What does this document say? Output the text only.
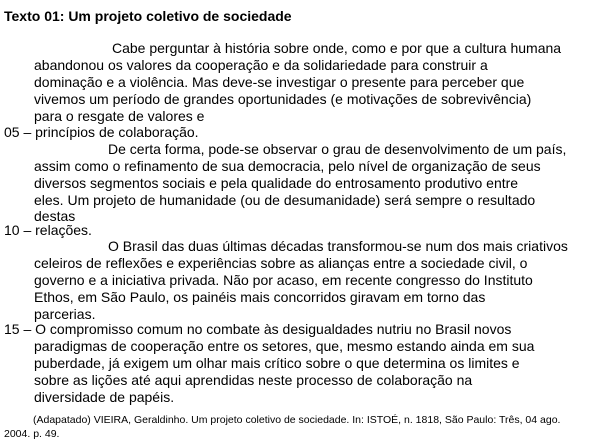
Texto 01: Um projeto coletivo de sociedade
Cabe perguntar à história sobre onde, como e por que a cultura humana
abandonou os valores da cooperação e da solidariedade para construir a
dominação e a violência. Mas deve-se investigar o presente para perceber que
vivemos um período de grandes oportunidades (e motivações de sobrevivência)
para o resgate de valores e
05 – princípios de colaboração.
De certa forma, pode-se observar o grau de desenvolvimento de um país,
assim como o refinamento de sua democracia, pelo nível de organização de seus
diversos segmentos sociais e pela qualidade do entrosamento produtivo entre
eles. Um projeto de humanidade (ou de desumanidade) será sempre o resultado
destas
10 – relações.
O Brasil das duas últimas décadas transformou-se num dos mais criativos
celeiros de reflexões e experiências sobre as alianças entre a sociedade civil, o
governo e a iniciativa privada. Não por acaso, em recente congresso do Instituto
Ethos, em São Paulo, os painéis mais concorridos giravam em torno das
parcerias.
15 – O compromisso comum no combate às desigualdades nutriu no Brasil novos
paradigmas de cooperação entre os setores, que, mesmo estando ainda em sua
puberdade, já exigem um olhar mais crítico sobre o que determina os limites e
sobre as lições até aqui aprendidas neste processo de colaboração na
diversidade de papéis.
(Adapatado) VIEIRA, Geraldinho. Um projeto coletivo de sociedade. In: ISTOÉ, n. 1818, São Paulo: Três, 04 ago.
2004. p. 49.
